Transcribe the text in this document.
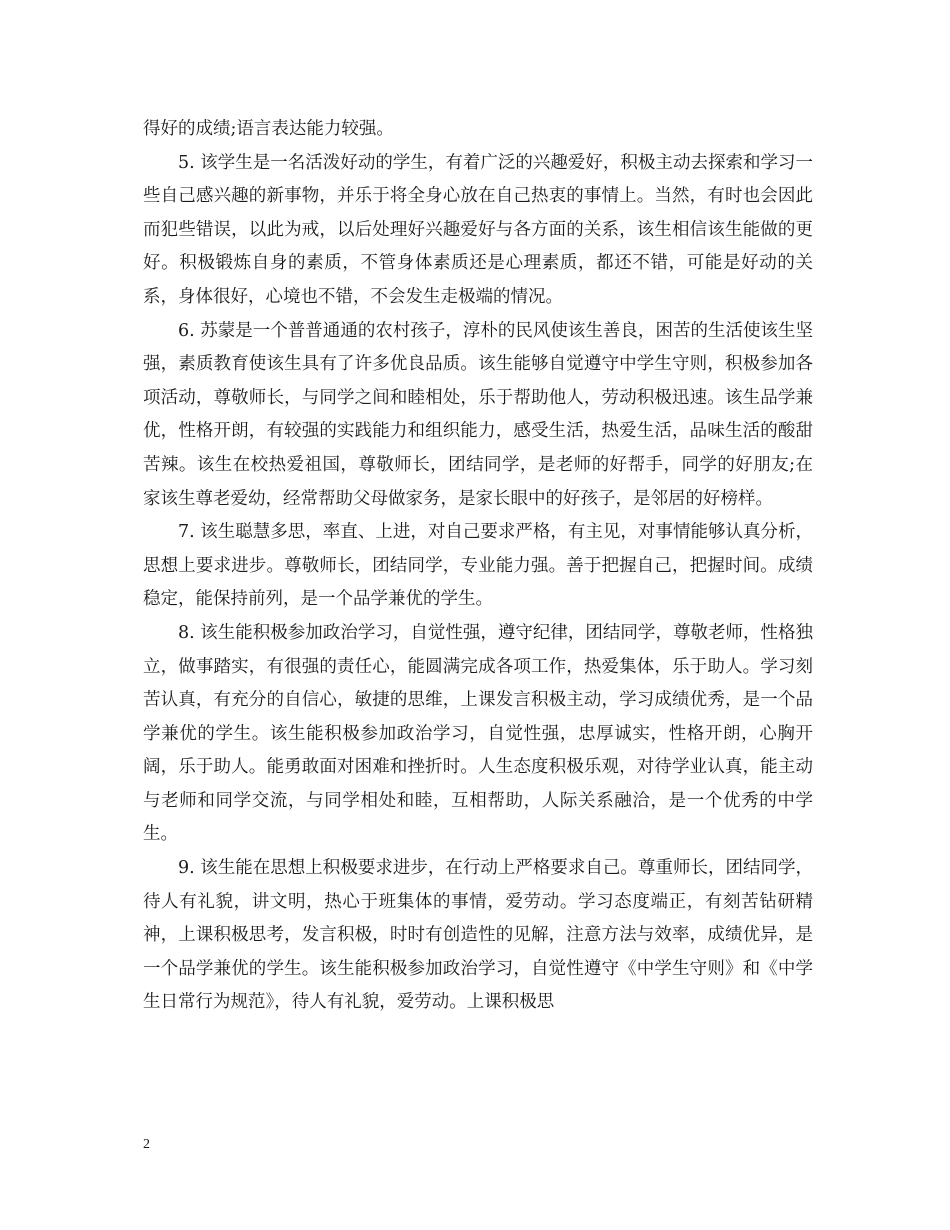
得好的成绩;语言表达能力较强。

5. 该学生是一名活泼好动的学生，有着广泛的兴趣爱好，积极主动去探索和学习一些自己感兴趣的新事物，并乐于将全身心放在自己热衷的事情上。当然，有时也会因此而犯些错误，以此为戒，以后处理好兴趣爱好与各方面的关系，该生相信该生能做的更好。积极锻炼自身的素质，不管身体素质还是心理素质，都还不错，可能是好动的关系，身体很好，心境也不错，不会发生走极端的情况。

6. 苏蒙是一个普普通通的农村孩子，淳朴的民风使该生善良，困苦的生活使该生坚强，素质教育使该生具有了许多优良品质。该生能够自觉遵守中学生守则，积极参加各项活动，尊敬师长，与同学之间和睦相处，乐于帮助他人，劳动积极迅速。该生品学兼优，性格开朗，有较强的实践能力和组织能力，感受生活，热爱生活，品味生活的酸甜苦辣。该生在校热爱祖国，尊敬师长，团结同学，是老师的好帮手，同学的好朋友;在家该生尊老爱幼，经常帮助父母做家务，是家长眼中的好孩子，是邻居的好榜样。

7. 该生聪慧多思，率直、上进，对自己要求严格，有主见，对事情能够认真分析，思想上要求进步。尊敬师长，团结同学，专业能力强。善于把握自己，把握时间。成绩稳定，能保持前列，是一个品学兼优的学生。

8. 该生能积极参加政治学习，自觉性强，遵守纪律，团结同学，尊敬老师，性格独立，做事踏实，有很强的责任心，能圆满完成各项工作，热爱集体，乐于助人。学习刻苦认真，有充分的自信心，敏捷的思维，上课发言积极主动，学习成绩优秀，是一个品学兼优的学生。该生能积极参加政治学习，自觉性强，忠厚诚实，性格开朗，心胸开阔，乐于助人。能勇敢面对困难和挫折时。人生态度积极乐观，对待学业认真，能主动与老师和同学交流，与同学相处和睦，互相帮助，人际关系融洽，是一个优秀的中学生。

9. 该生能在思想上积极要求进步，在行动上严格要求自己。尊重师长，团结同学，待人有礼貌，讲文明，热心于班集体的事情，爱劳动。学习态度端正，有刻苦钻研精神，上课积极思考，发言积极，时时有创造性的见解，注意方法与效率，成绩优异，是一个品学兼优的学生。该生能积极参加政治学习，自觉性遵守《中学生守则》和《中学生日常行为规范》，待人有礼貌，爱劳动。上课积极思

2
